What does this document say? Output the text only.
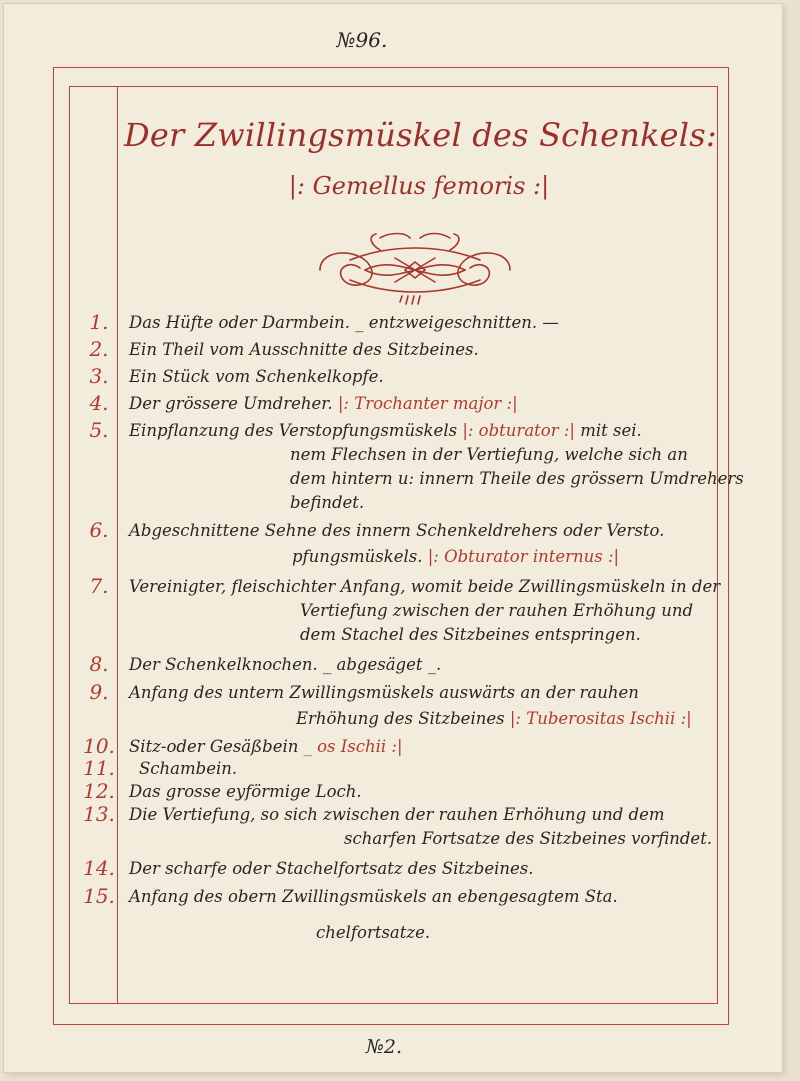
№96.
Der Zwillingsmüskel des Schenkels:
|: Gemellus femoris :|
1.	Das Hüfte oder Darmbein. _ entzweigeschnitten. —
2.	Ein Theil vom Ausschnitte des Sitzbeines.
3.	Ein Stück vom Schenkelkopfe.
4.	Der grössere Umdreher. |: Trochanter major :|
5.	Einpflanzung des Verstopfungsmüskels |: obturator :| mit sei.
nem Flechsen in der Vertiefung, welche sich an
dem hintern u: innern Theile des grössern Umdrehers
befindet.
6.	Abgeschnittene Sehne des innern Schenkeldrehers oder Versto.
pfungsmüskels. |: Obturator internus :|
7.	Vereinigter, fleischichter Anfang, womit beide Zwillingsmüskeln in der
Vertiefung zwischen der rauhen Erhöhung und
dem Stachel des Sitzbeines entspringen.
8.	Der Schenkelknochen. _ abgesäget _.
9.	Anfang des untern Zwillingsmüskels auswärts an der rauhen
Erhöhung des Sitzbeines |: Tuberositas Ischii :|
10. Sitz-oder Gesäßbein _ os Ischii :|
11. Schambein.
12. Das grosse eyförmige Loch.
13. Die Vertiefung, so sich zwischen der rauhen Erhöhung und dem
scharfen Fortsatze des Sitzbeines vorfindet.
14. Der scharfe oder Stachelfortsatz des Sitzbeines.
15. Anfang des obern Zwillingsmüskels an ebengesagtem Sta.
chelfortsatze.
№2.
